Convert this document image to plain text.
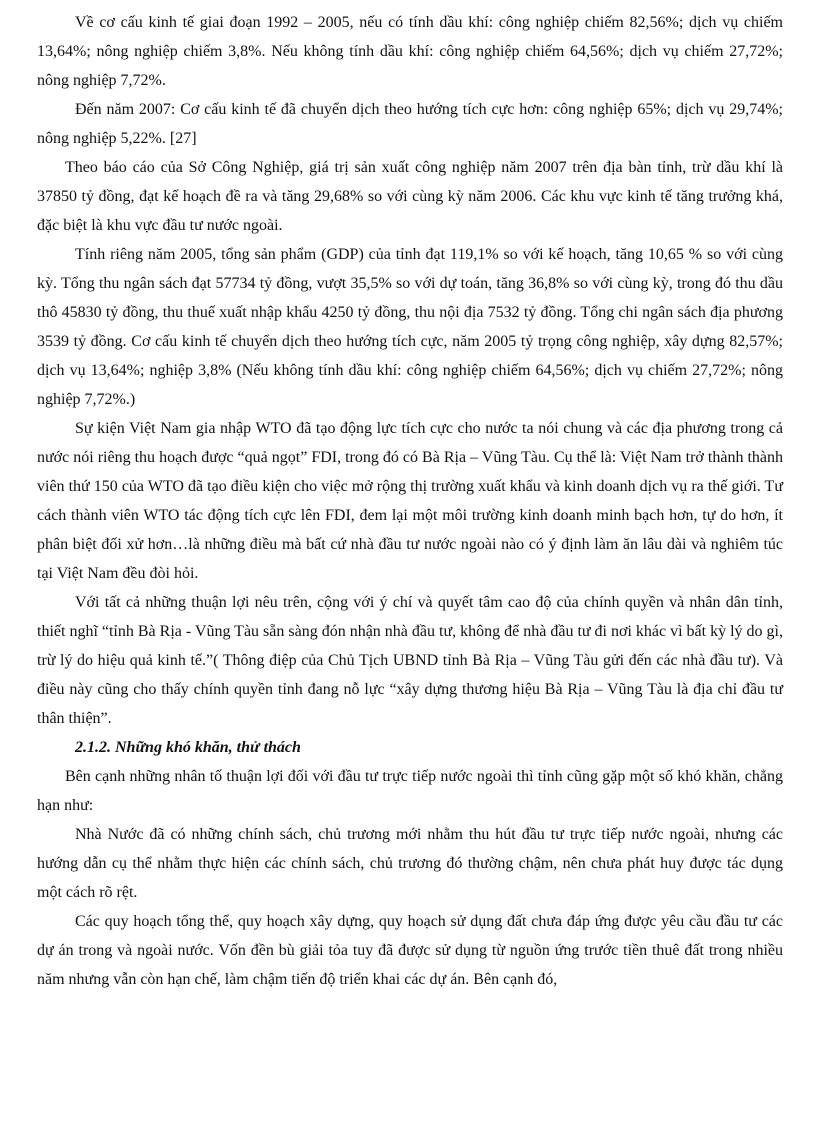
Về cơ cấu kinh tế giai đoạn 1992 – 2005, nếu có tính dầu khí: công nghiệp chiếm 82,56%; dịch vụ chiếm 13,64%; nông nghiệp chiếm 3,8%. Nếu không tính dầu khí: công nghiệp chiếm 64,56%; dịch vụ chiếm 27,72%; nông nghiệp 7,72%.

Đến năm 2007: Cơ cấu kinh tế đã chuyển dịch theo hướng tích cực hơn: công nghiệp 65%; dịch vụ 29,74%; nông nghiệp 5,22%. [27]

Theo báo cáo của Sở Công Nghiệp, giá trị sản xuất công nghiệp năm 2007 trên địa bàn tỉnh, trừ dầu khí là 37850 tỷ đồng, đạt kế hoạch đề ra và tăng 29,68% so với cùng kỳ năm 2006. Các khu vực kinh tế tăng trưởng khá, đặc biệt là khu vực đầu tư nước ngoài.

Tính riêng năm 2005, tổng sản phẩm (GDP) của tỉnh đạt 119,1% so với kế hoạch, tăng 10,65 % so với cùng kỳ. Tổng thu ngân sách đạt 57734 tỷ đồng, vượt 35,5% so với dự toán, tăng 36,8% so với cùng kỳ, trong đó thu dầu thô 45830 tỷ đồng, thu thuế xuất nhập khẩu 4250 tỷ đồng, thu nội địa 7532 tỷ đồng. Tổng chi ngân sách địa phương 3539 tỷ đồng. Cơ cấu kinh tế chuyển dịch theo hướng tích cực, năm 2005 tỷ trọng công nghiệp, xây dựng 82,57%; dịch vụ 13,64%; nghiệp 3,8% (Nếu không tính dầu khí: công nghiệp chiếm 64,56%; dịch vụ chiếm 27,72%; nông nghiệp 7,72%.)

Sự kiện Việt Nam gia nhập WTO đã tạo động lực tích cực cho nước ta nói chung và các địa phương trong cả nước nói riêng thu hoạch được “quả ngọt” FDI, trong đó có Bà Rịa – Vũng Tàu. Cụ thể là: Việt Nam trở thành thành viên thứ 150 của WTO đã tạo điều kiện cho việc mở rộng thị trường xuất khẩu và kinh doanh dịch vụ ra thế giới. Tư cách thành viên WTO tác động tích cực lên FDI, đem lại một môi trường kinh doanh minh bạch hơn, tự do hơn, ít phân biệt đối xử hơn…là những điều mà bất cứ nhà đầu tư nước ngoài nào có ý định làm ăn lâu dài và nghiêm túc tại Việt Nam đều đòi hỏi.

Với tất cả những thuận lợi nêu trên, cộng với ý chí và quyết tâm cao độ của chính quyền và nhân dân tỉnh, thiết nghĩ “tỉnh Bà Rịa - Vũng Tàu sẵn sàng đón nhận nhà đầu tư, không để nhà đầu tư đi nơi khác vì bất kỳ lý do gì, trừ lý do hiệu quả kinh tế.”( Thông điệp của Chủ Tịch UBND tỉnh Bà Rịa – Vũng Tàu gửi đến các nhà đầu tư). Và điều này cũng cho thấy chính quyền tỉnh đang nỗ lực “xây dựng thương hiệu Bà Rịa – Vũng Tàu là địa chỉ đầu tư thân thiện”.

2.1.2. Những khó khăn, thử thách

Bên cạnh những nhân tố thuận lợi đối với đầu tư trực tiếp nước ngoài thì tỉnh cũng gặp một số khó khăn, chẳng hạn như:

Nhà Nước đã có những chính sách, chủ trương mới nhằm thu hút đầu tư trực tiếp nước ngoài, nhưng các hướng dẫn cụ thể nhằm thực hiện các chính sách, chủ trương đó thường chậm, nên chưa phát huy được tác dụng một cách rõ rệt.

Các quy hoạch tổng thể, quy hoạch xây dựng, quy hoạch sử dụng đất chưa đáp ứng được yêu cầu đầu tư các dự án trong và ngoài nước. Vốn đền bù giải tỏa tuy đã được sử dụng từ nguồn ứng trước tiền thuê đất trong nhiều năm nhưng vẫn còn hạn chế, làm chậm tiến độ triển khai các dự án. Bên cạnh đó,
